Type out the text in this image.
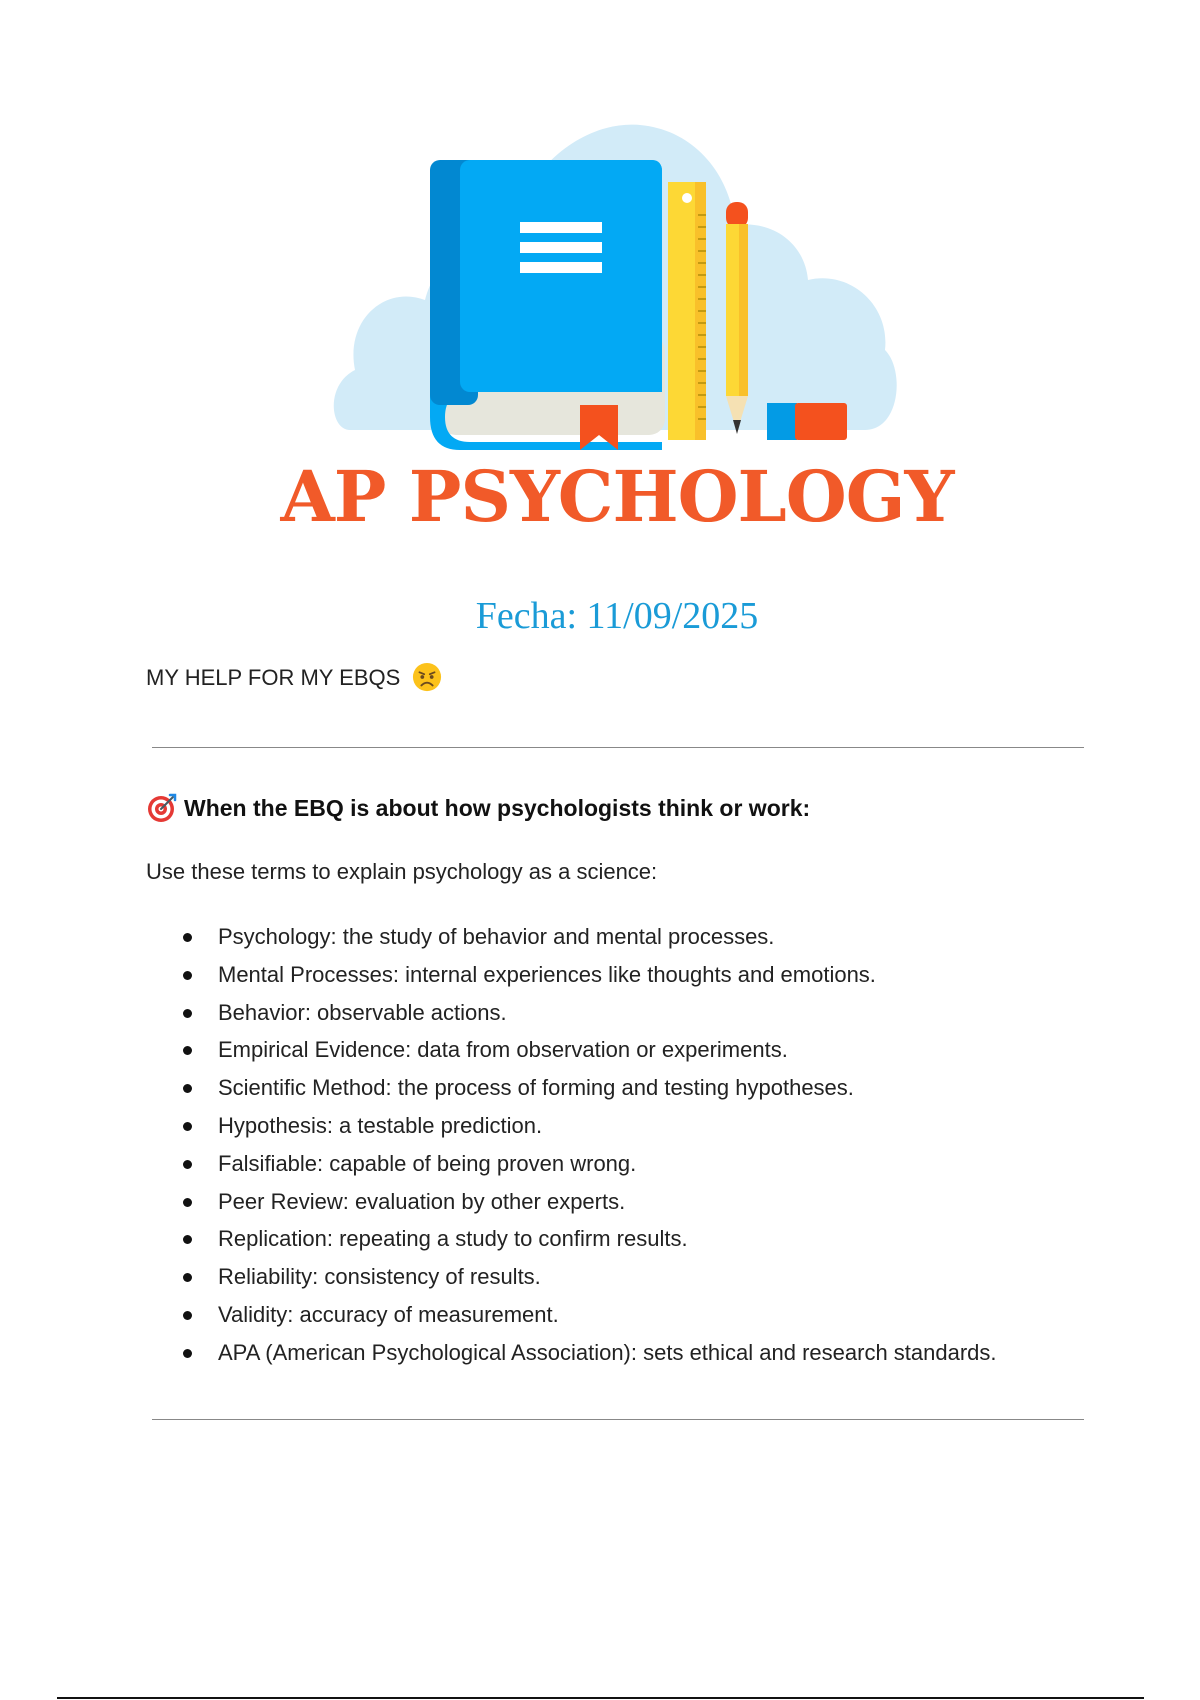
AP PSYCHOLOGY
Fecha: 11/09/2025
MY HELP FOR MY EBQS
When the EBQ is about how psychologists think or work:
Use these terms to explain psychology as a science:
Psychology: the study of behavior and mental processes.
Mental Processes: internal experiences like thoughts and emotions.
Behavior: observable actions.
Empirical Evidence: data from observation or experiments.
Scientific Method: the process of forming and testing hypotheses.
Hypothesis: a testable prediction.
Falsifiable: capable of being proven wrong.
Peer Review: evaluation by other experts.
Replication: repeating a study to confirm results.
Reliability: consistency of results.
Validity: accuracy of measurement.
APA (American Psychological Association): sets ethical and research standards.
